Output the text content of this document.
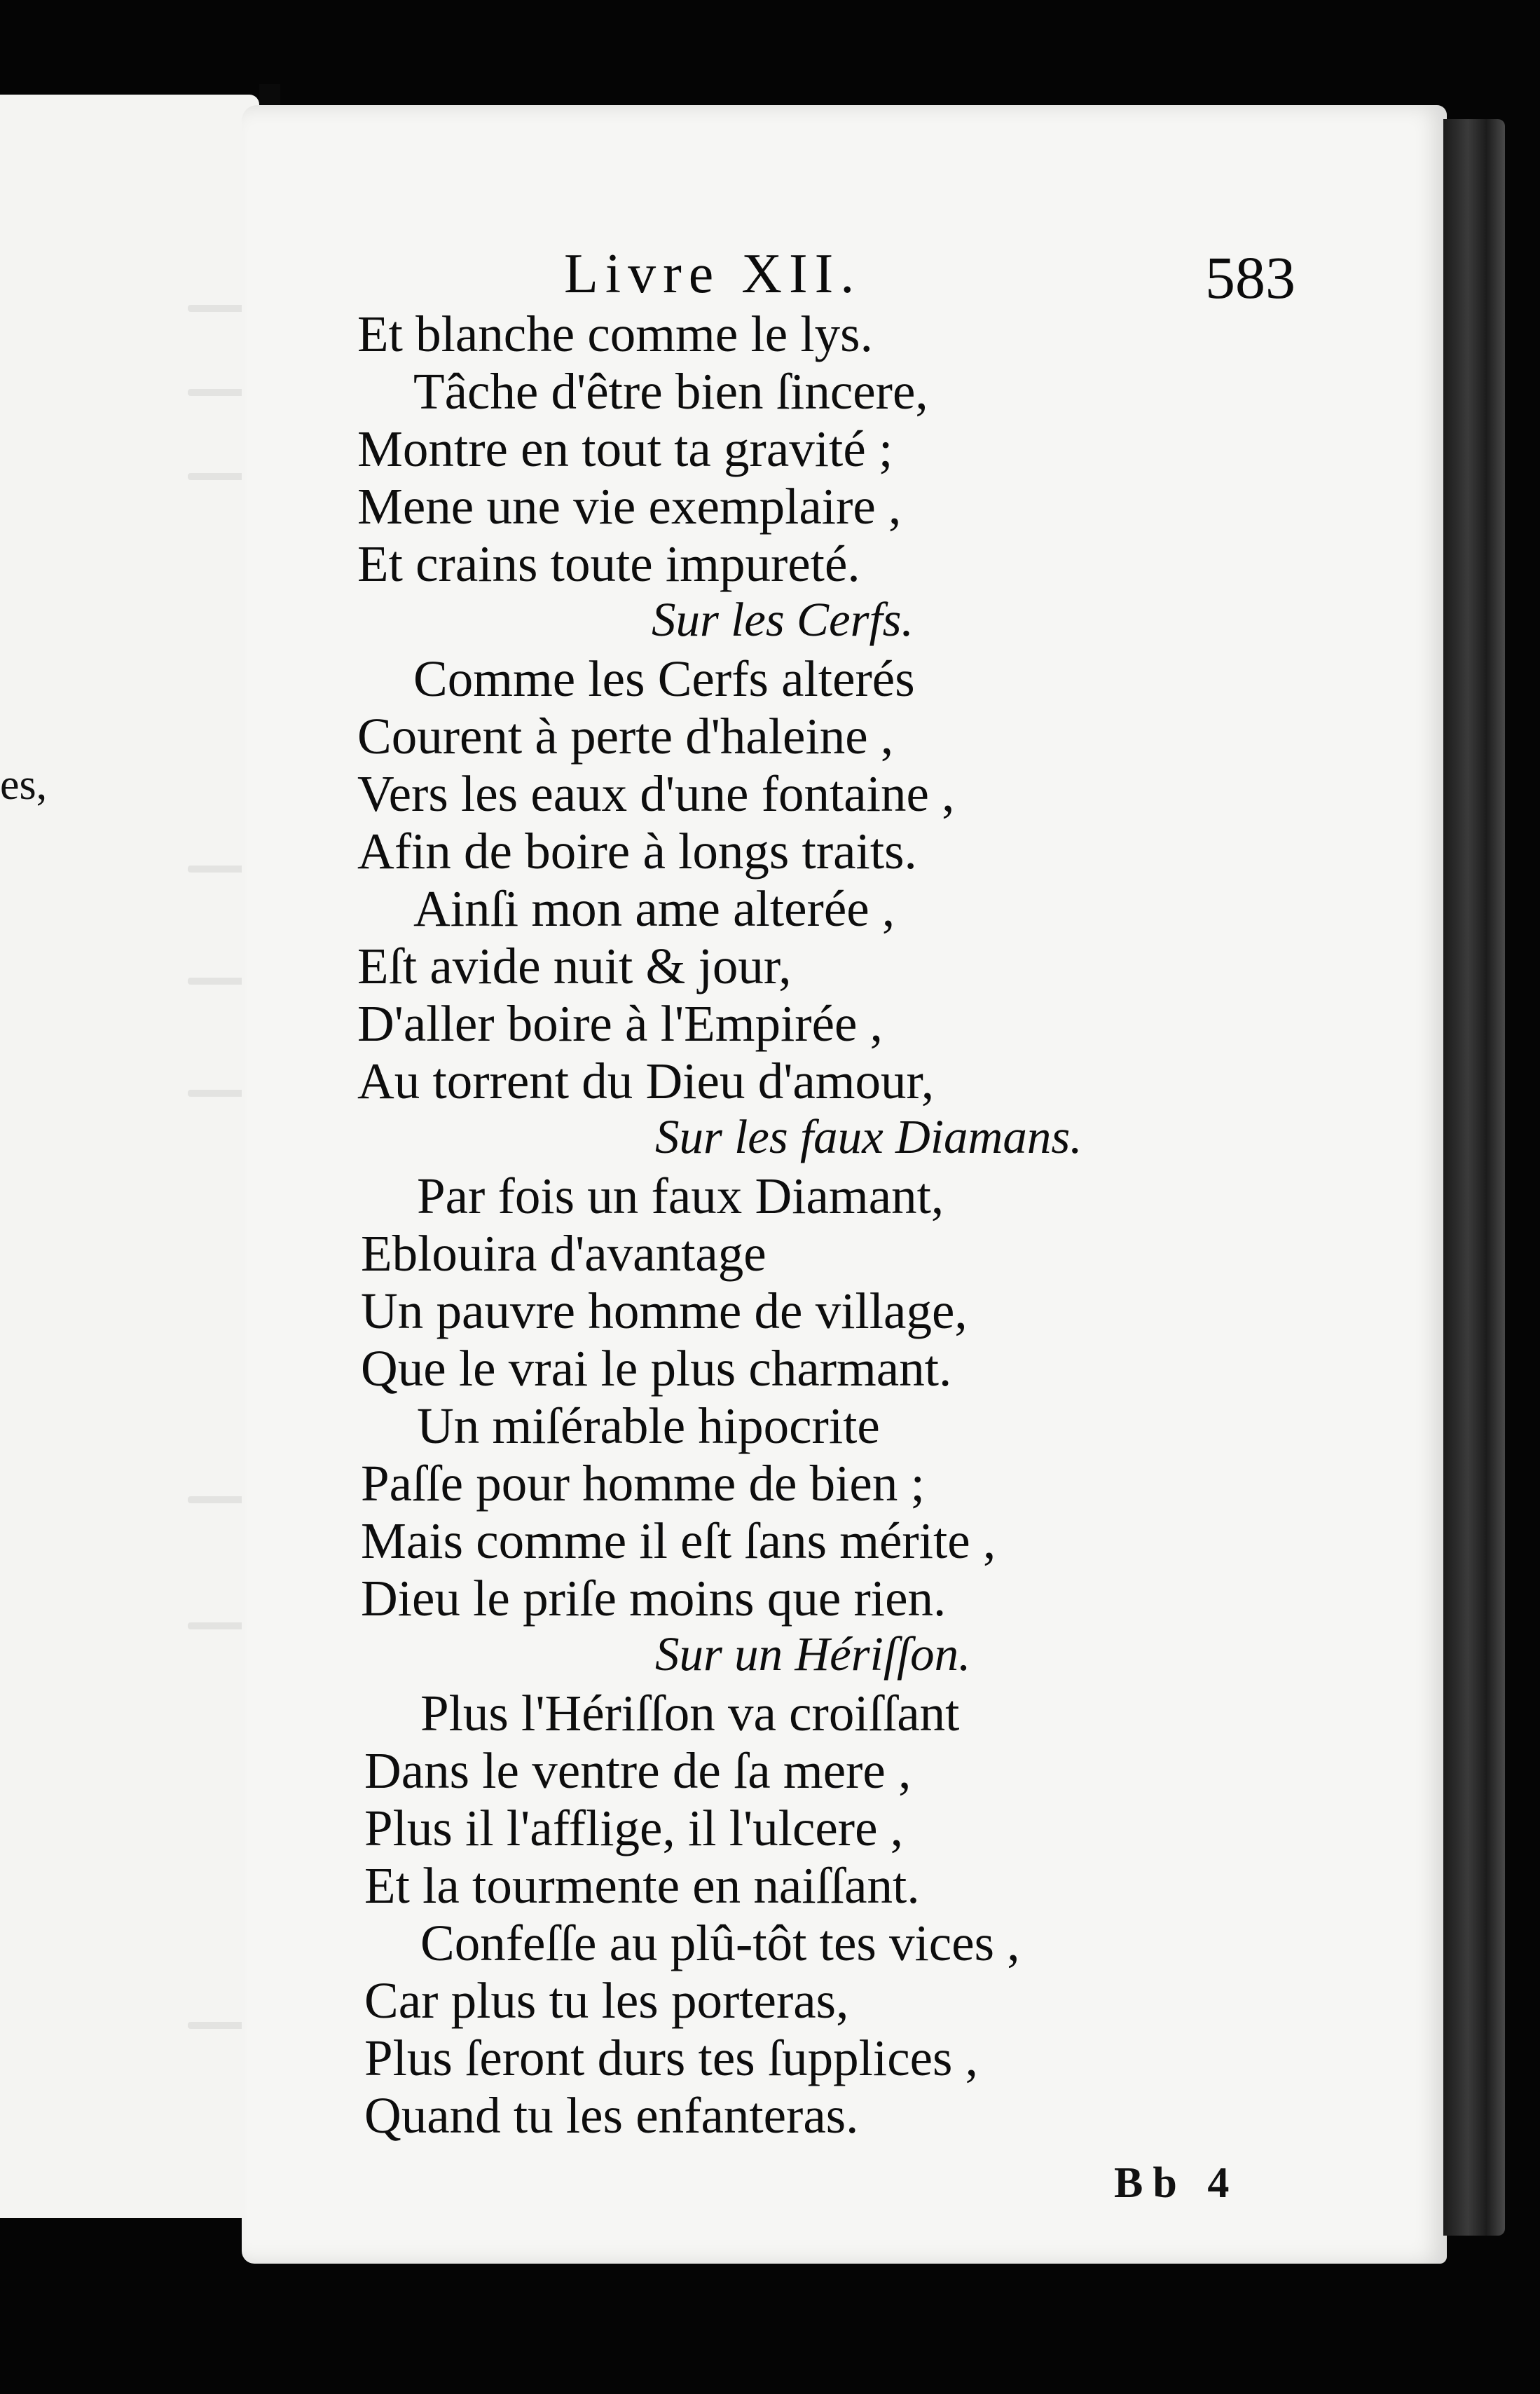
es,
Livre XII.	583
Et blanche comme le lys.
Tâche d'être bien ſincere,
Montre en tout ta gravité ;
Mene une vie exemplaire ,
Et crains toute impureté.
Sur les Cerfs.
Comme les Cerfs alterés
Courent à perte d'haleine ,
Vers les eaux d'une fontaine ,
Afin de boire à longs traits.
Ainſi mon ame alterée ,
Eſt avide nuit & jour,
D'aller boire à l'Empirée ,
Au torrent du Dieu d'amour,
Sur les faux Diamans.
Par fois un faux Diamant,
Eblouira d'avantage
Un pauvre homme de village,
Que le vrai le plus charmant.
Un miſérable hipocrite
Paſſe pour homme de bien ;
Mais comme il eſt ſans mérite ,
Dieu le priſe moins que rien.
Sur un Hériſſon.
Plus l'Hériſſon va croiſſant
Dans le ventre de ſa mere ,
Plus il l'afflige, il l'ulcere ,
Et la tourmente en naiſſant.
Confeſſe au plû-tôt tes vices ,
Car plus tu les porteras,
Plus ſeront durs tes ſupplices ,
Quand tu les enfanteras.
Bb 4
